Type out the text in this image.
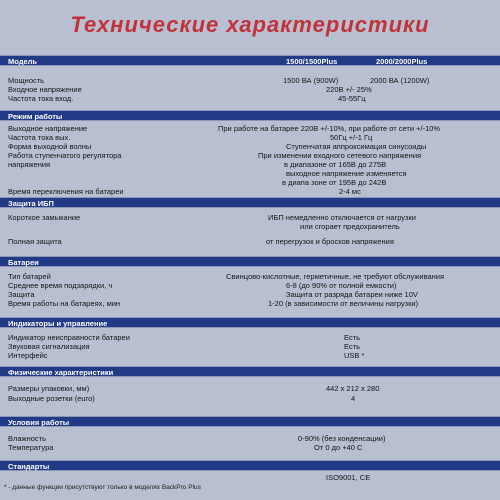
Технические характеристики
Модель	1500/1500Plus	2000/2000Plus
Мощность	1500 ВА (900W)	2000 ВА (1200W)
Входное напряжение	220В +/- 25%
Частота тока вход.	45-55Гц
Режим работы
Выходное напряжение	При работе на батарее 220В +/-10%, при работе от сети +/-10%
Частота тока вых.	50Гц +/-1 Гц
Форма выходной волны	Ступенчатая аппроксимация синусоиды
Работа ступенчатого регулятора	При изменении входного сетевого напряжения
напряжения	в диапазоне от 165В до 275В
выходное напряжение изменяется
в диапа зоне от 195В до 242В
Время переключения на батареи	2-4 мс
Защита ИБП
Короткое замыкание	ИБП немедленно отключается от нагрузки
или сгорает предохранитель
Полная защита	от перегрузок и бросков напряжения
Батареи
Тип батарей	Свинцово-кислотные, герметичные, не требуют обслуживания
Среднее время подзарядки, ч	6-8 (до 90% от полной емкости)
Защита	Защита от разряда батареи ниже 10V
Время работы на батареях, мин	1-20 (в зависимости от величины нагрузки)
Индикаторы и управление
Индикатор неисправности батареи	Есть
Звуковая сигнализация	Есть
Интерфейс	USB *
Физические характеристики
Размеры упаковки, мм)	442 х 212 х 280
Выходные розетки (euro)	4
Условия работы
Влажность	0-90% (без конденсации)
Температура	От 0 до +40 С
Стандарты
ISO9001, CE
* - данные функции присутствуют только в моделях BackPro Plus
